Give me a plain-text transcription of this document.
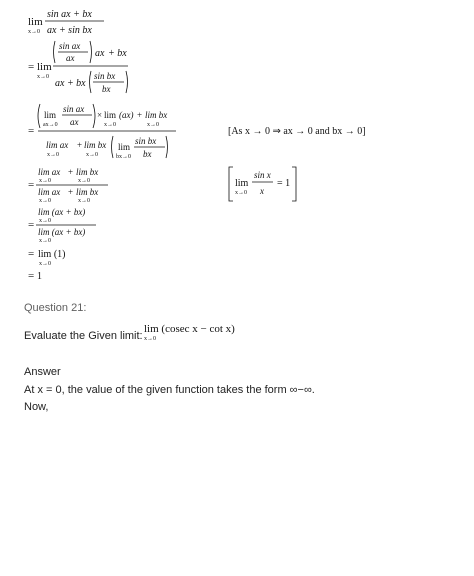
lim
x→0
sin ax + bx
ax + sin bx
= lim
x→0
sin ax
ax ax + bx
ax + bx
sin bx
bx
=
lim
ax→0
sin ax
ax
× lim
x→0
(ax) + lim bx
x→0
lim ax
x→0
+ lim bx
x→0
lim
bx→0
sin bx
bx
[As x → 0 ⇒ ax → 0 and bx → 0]
=
lim ax
x→0
+ lim bx
x→0
lim ax
x→0
+ lim bx
x→0
lim
x→0
sin x
x
= 1
=
lim (ax + bx)
x→0
lim (ax + bx)
x→0
= lim (1)
x→0
= 1
Question 21:
Evaluate the Given limit:
lim (cosec x − cot x)
x→0
Answer
At x = 0, the value of the given function takes the form ∞−∞.
Now,
